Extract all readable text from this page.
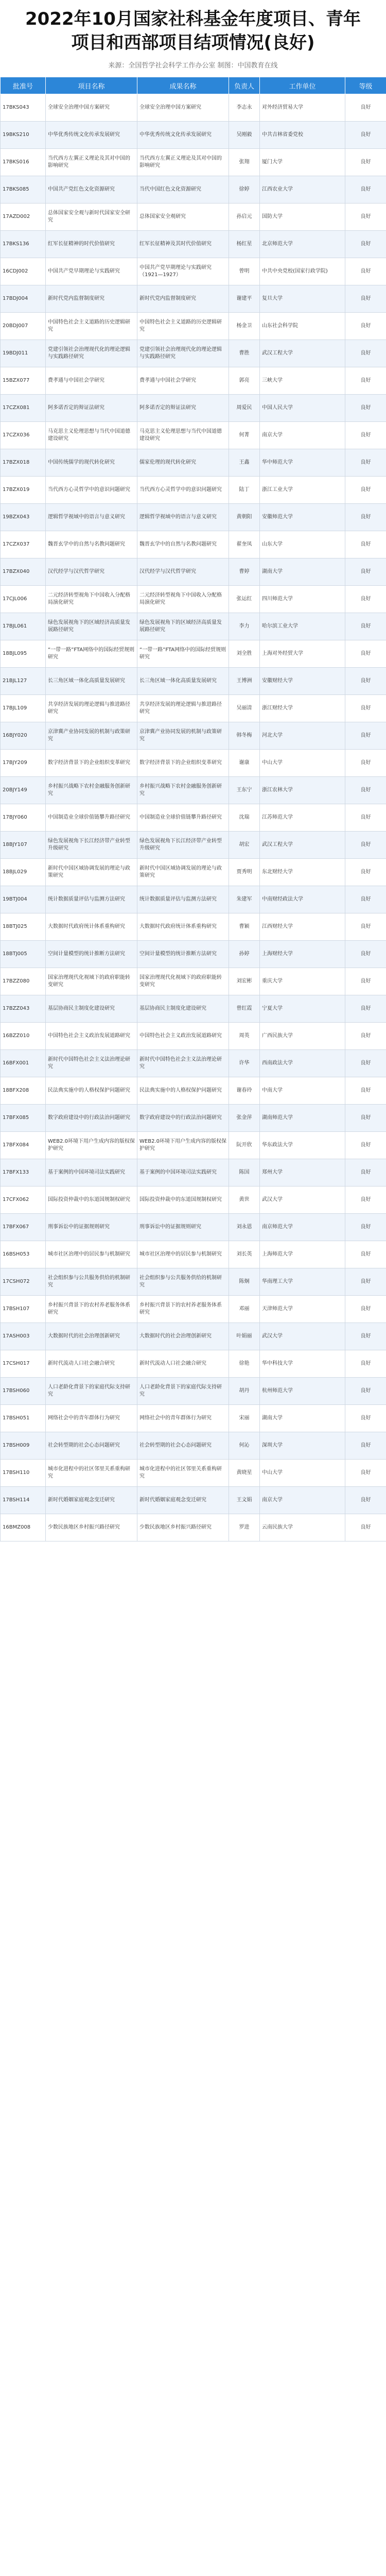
2022年10月国家社科基金年度项目、青年
项目和西部项目结项情况(良好)
来源：全国哲学社会科学工作办公室 制图：中国教育在线
批准号	项目名称	成果名称	负责人	工作单位	等级
17BKS043	全球安全治理中国方案研究	全球安全治理中国方案研究	李志永	对外经济贸易大学	良好
19BKS210	中华优秀传统文化传承发展研究	中华优秀传统文化传承发展研究	吴刚毅	中共吉林省委党校	良好
17BKS016	当代西方左翼正义理论及其对中国的影响研究	当代西方左翼正义理论及其对中国的影响研究	张翔	厦门大学	良好
17BKS085	中国共产党红色文化资源研究	当代中国红色文化资源研究	徐婷	江西农业大学	良好
17AZD002	总体国家安全观与新时代国家安全研究	总体国家安全观研究	孙启元	国防大学	良好
17BKS136	红军长征精神的时代价值研究	红军长征精神及其时代价值研究	杨红星	北京师范大学	良好
16CDJ002	中国共产党早期理论与实践研究	中国共产党早期理论与实践研究（1921—1927）	曾明	中共中央党校(国家行政学院)	良好
17BDJ004	新时代党内监督制度研究	新时代党内监督制度研究	谢建平	复旦大学	良好
20BDJ007	中国特色社会主义道路的历史逻辑研究	中国特色社会主义道路的历史逻辑研究	杨金卫	山东社会科学院	良好
19BDJ011	党建引领社会治理现代化的理论逻辑与实践路径研究	党建引领社会治理现代化的理论逻辑与实践路径研究	曹胜	武汉工程大学	良好
15BZX077	费孝通与中国社会学研究	费孝通与中国社会学研究	郭亮	三峡大学	良好
17CZX081	阿多诺否定的辩证法研究	阿多诺否定的辩证法研究	周爱民	中国人民大学	良好
17CZX036	马克思主义伦理思想与当代中国道德建设研究	马克思主义伦理思想与当代中国道德建设研究	何菁	南京大学	良好
17BZX018	中国传统儒学的现代转化研究	儒家伦理的现代转化研究	王鑫	华中师范大学	良好
17BZX019	当代西方心灵哲学中的意识问题研究	当代西方心灵哲学中的意识问题研究	陆丁	浙江工业大学	良好
19BZX043	逻辑哲学视域中的语言与意义研究	逻辑哲学视域中的语言与意义研究	黄朝阳	安徽师范大学	良好
17CZX037	魏晋玄学中的自然与名教问题研究	魏晋玄学中的自然与名教问题研究	翟奎凤	山东大学	良好
17BZX040	汉代经学与汉代哲学研究	汉代经学与汉代哲学研究	曹婷	湖南大学	良好
17CJL006	二元经济转型视角下中国收入分配格局演化研究	二元经济转型视角下中国收入分配格局演化研究	张运红	四川师范大学	良好
17BJL061	绿色发展视角下的区域经济高质量发展路径研究	绿色发展视角下的区域经济高质量发展路径研究	李力	哈尔滨工业大学	良好
18BJL095	“一带一路”FTA网络中的国际经贸规则研究	“一带一路”FTA网络中的国际经贸规则研究	刘全胜	上海对外经贸大学	良好
21BJL127	长三角区域一体化高质量发展研究	长三角区域一体化高质量发展研究	王博洲	安徽财经大学	良好
17BJL109	共享经济发展的理论逻辑与推进路径研究	共享经济发展的理论逻辑与推进路径研究	吴丽清	浙江财经大学	良好
16BJY020	京津冀产业协同发展的机制与政策研究	京津冀产业协同发展的机制与政策研究	韩冬梅	河北大学	良好
17BJY209	数字经济背景下的企业组织变革研究	数字经济背景下的企业组织变革研究	谢康	中山大学	良好
20BJY149	乡村振兴战略下农村金融服务创新研究	乡村振兴战略下农村金融服务创新研究	王东宁	浙江农林大学	良好
17BJY060	中国制造业全球价值链攀升路径研究	中国制造业全球价值链攀升路径研究	沈瑞	江苏师范大学	良好
18BJY107	绿色发展视角下长江经济带产业转型升级研究	绿色发展视角下长江经济带产业转型升级研究	胡宏	武汉工程大学	良好
18BJL029	新时代中国区域协调发展的理论与政策研究	新时代中国区域协调发展的理论与政策研究	贾秀明	东北财经大学	良好
19BTJ004	统计数据质量评估与监测方法研究	统计数据质量评估与监测方法研究	朱建军	中南财经政法大学	良好
18BTJ025	大数据时代政府统计体系重构研究	大数据时代政府统计体系重构研究	曹颖	江西财经大学	良好
18BTJ005	空间计量模型的统计推断方法研究	空间计量模型的统计推断方法研究	孙婷	上海财经大学	良好
17BZZ080	国家治理现代化视域下的政府职能转变研究	国家治理现代化视域下的政府职能转变研究	刘宏彬	重庆大学	良好
17BZZ043	基层协商民主制度化建设研究	基层协商民主制度化建设研究	曾红霞	宁夏大学	良好
16BZZ010	中国特色社会主义政治发展道路研究	中国特色社会主义政治发展道路研究	周英	广西民族大学	良好
16BFX001	新时代中国特色社会主义法治理论研究	新时代中国特色社会主义法治理论研究	许华	西南政法大学	良好
18BFX208	民法典实施中的人格权保护问题研究	民法典实施中的人格权保护问题研究	谢春玲	中南大学	良好
17BFX085	数字政府建设中的行政法治问题研究	数字政府建设中的行政法治问题研究	张金萍	湖南师范大学	良好
17BFX084	WEB2.0环境下用户生成内容的版权保护研究	WEB2.0环境下用户生成内容的版权保护研究	阮开欣	华东政法大学	良好
17BFX133	基于案例的中国环境司法实践研究	基于案例的中国环境司法实践研究	陈国	郑州大学	良好
17CFX062	国际投资仲裁中的东道国规制权研究	国际投资仲裁中的东道国规制权研究	黄世	武汉大学	良好
17BFX067	刑事诉讼中的证据规则研究	刑事诉讼中的证据规则研究	刘永恩	南京师范大学	良好
16BSH053	城市社区治理中的居民参与机制研究	城市社区治理中的居民参与机制研究	刘长英	上海师范大学	良好
17CSH072	社会组织参与公共服务供给的机制研究	社会组织参与公共服务供给的机制研究	陈炯	华南理工大学	良好
17BSH107	乡村振兴背景下的农村养老服务体系研究	乡村振兴背景下的农村养老服务体系研究	邓丽	天津师范大学	良好
17ASH003	大数据时代的社会治理创新研究	大数据时代的社会治理创新研究	叶娟丽	武汉大学	良好
17CSH017	新时代流动人口社会融合研究	新时代流动人口社会融合研究	徐艳	华中科技大学	良好
17BSH060	人口老龄化背景下的家庭代际支持研究	人口老龄化背景下的家庭代际支持研究	胡丹	杭州师范大学	良好
17BSH051	网络社会中的青年群体行为研究	网络社会中的青年群体行为研究	宋丽	湖南大学	良好
17BSH009	社会转型期的社会心态问题研究	社会转型期的社会心态问题研究	何沁	深圳大学	良好
17BSH110	城市化进程中的社区邻里关系重构研究	城市化进程中的社区邻里关系重构研究	黄晓星	中山大学	良好
17BSH114	新时代婚姻家庭观念变迁研究	新时代婚姻家庭观念变迁研究	王文娟	南京大学	良好
16BMZ008	少数民族地区乡村振兴路径研究	少数民族地区乡村振兴路径研究	罗进	云南民族大学	良好
